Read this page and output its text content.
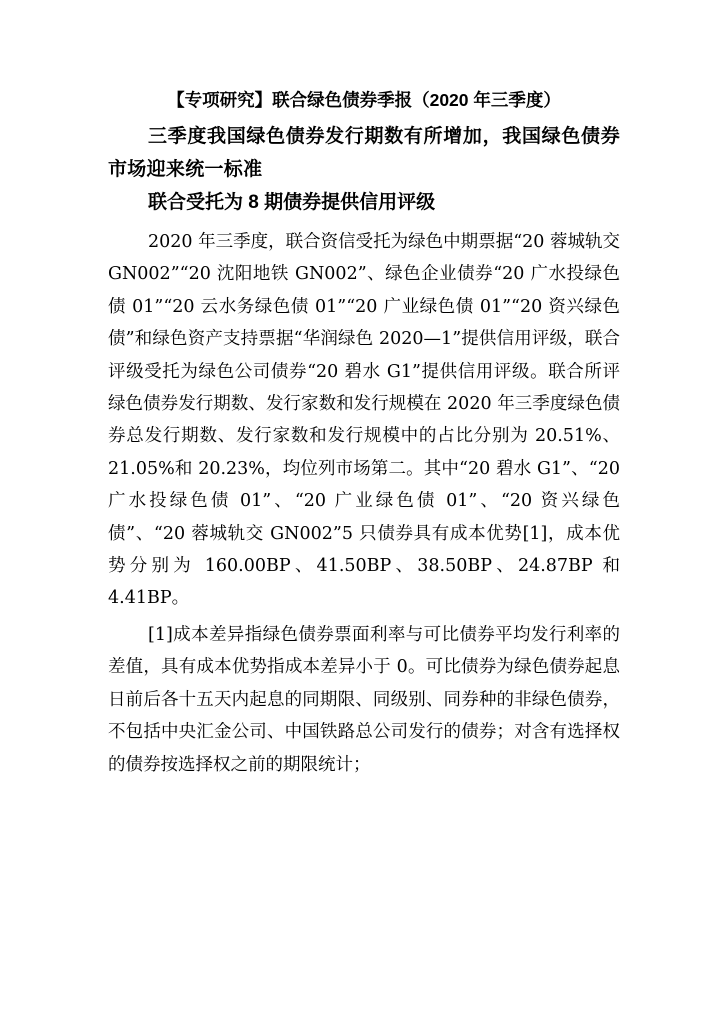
【专项研究】联合绿色债券季报（2020 年三季度）

三季度我国绿色债券发行期数有所增加，我国绿色债券市场迎来统一标准

联合受托为 8 期债券提供信用评级

2020 年三季度，联合资信受托为绿色中期票据“20 蓉城轨交 GN002”“20 沈阳地铁 GN002”、绿色企业债券“20 广水投绿色债 01”“20 云水务绿色债 01”“20 广业绿色债 01”“20 资兴绿色债”和绿色资产支持票据“华润绿色 2020—1”提供信用评级，联合评级受托为绿色公司债券“20 碧水 G1”提供信用评级。联合所评绿色债券发行期数、发行家数和发行规模在 2020 年三季度绿色债券总发行期数、发行家数和发行规模中的占比分别为 20.51%、21.05%和 20.23%，均位列市场第二。其中“20 碧水 G1”、“20 广水投绿色债 01”、“20 广业绿色债 01”、“20 资兴绿色债”、“20 蓉城轨交 GN002”5 只债券具有成本优势[1]，成本优势分别为 160.00BP、41.50BP、38.50BP、24.87BP 和 4.41BP。

[1]成本差异指绿色债券票面利率与可比债券平均发行利率的差值，具有成本优势指成本差异小于 0。可比债券为绿色债券起息日前后各十五天内起息的同期限、同级别、同券种的非绿色债券，不包括中央汇金公司、中国铁路总公司发行的债券；对含有选择权的债券按选择权之前的期限统计；
